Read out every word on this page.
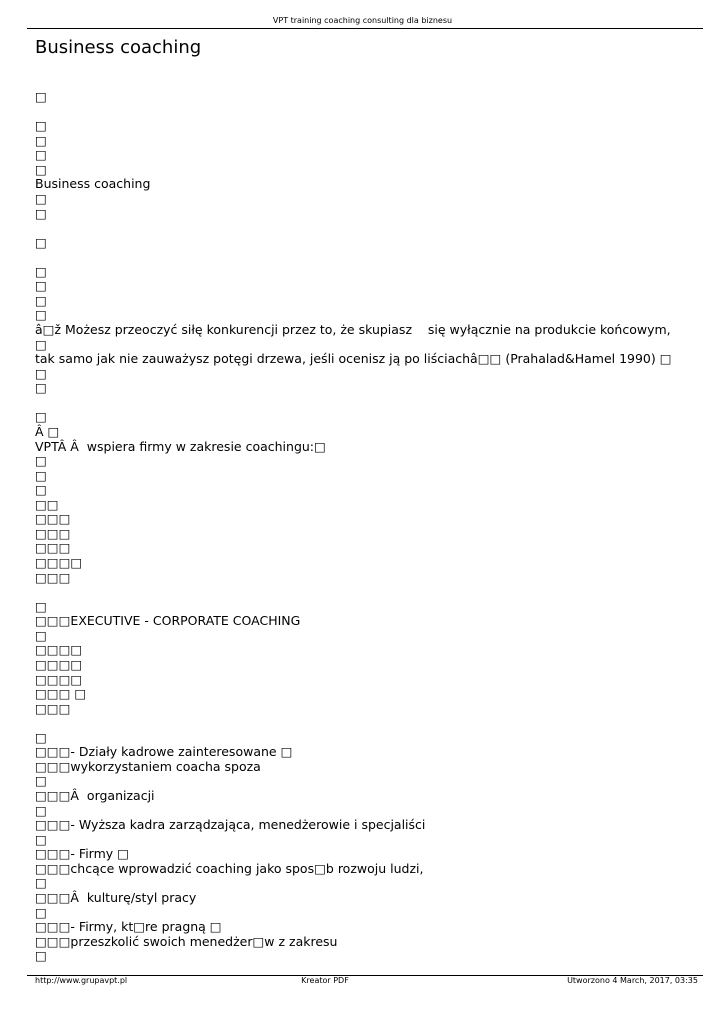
VPT training coaching consulting dla biznesu
Business coaching
□
□
□
□
□
Business coaching
□
□
□
□
□
□
□
â□ž Możesz przeoczyć siłę konkurencji przez to, że skupiasz    się wyłącznie na produkcie końcowym,
□
tak samo jak nie zauważysz potęgi drzewa, jeśli ocenisz ją po liściachâ□□ (Prahalad&Hamel 1990) □
□
□
□
Â □
VPTÂ Â  wspiera firmy w zakresie coachingu:□
□
□
□
□□
□□□
□□□
□□□
□□□□
□□□
□
□□□EXECUTIVE - CORPORATE COACHING
□
□□□□
□□□□
□□□□
□□□ □
□□□
□
□□□- Działy kadrowe zainteresowane □
□□□wykorzystaniem coacha spoza
□
□□□Â  organizacji
□
□□□- Wyższa kadra zarządzająca, menedżerowie i specjaliści
□
□□□- Firmy □
□□□chcące wprowadzić coaching jako spos□b rozwoju ludzi,
□
□□□Â  kulturę/styl pracy
□
□□□- Firmy, kt□re pragną □
□□□przeszkolić swoich menedżer□w z zakresu
□
http://www.grupavpt.pl	Kreator PDF	Utworzono 4 March, 2017, 03:35
